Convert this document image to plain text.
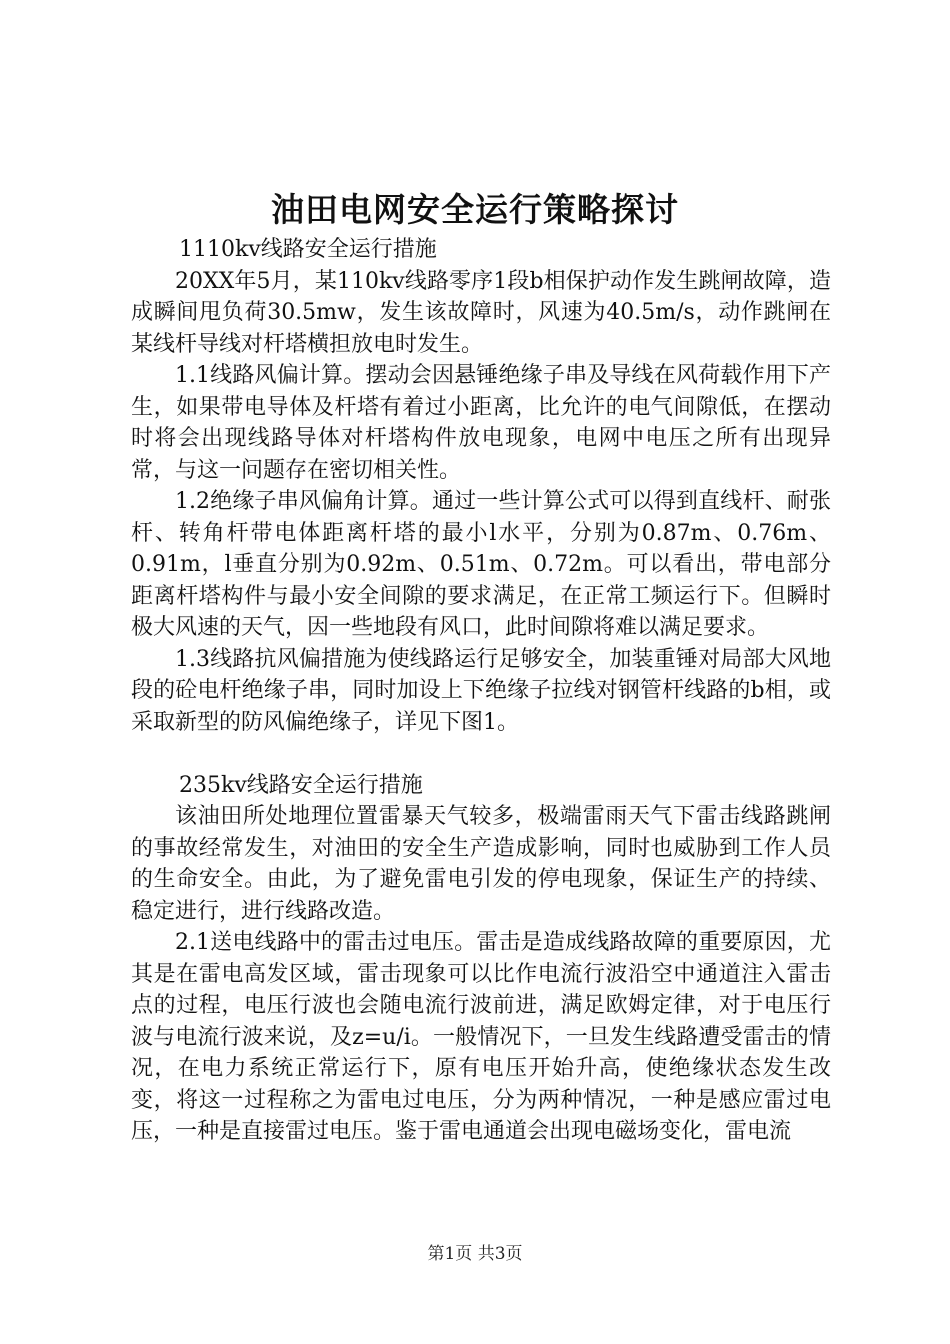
油田电网安全运行策略探讨

1110kv线路安全运行措施

20XX年5月，某110kv线路零序1段b相保护动作发生跳闸故障，造成瞬间甩负荷30.5mw，发生该故障时，风速为40.5m/s，动作跳闸在某线杆导线对杆塔横担放电时发生。

1.1线路风偏计算。摆动会因悬锤绝缘子串及导线在风荷载作用下产生，如果带电导体及杆塔有着过小距离，比允许的电气间隙低，在摆动时将会出现线路导体对杆塔构件放电现象，电网中电压之所有出现异常，与这一问题存在密切相关性。

1.2绝缘子串风偏角计算。通过一些计算公式可以得到直线杆、耐张杆、转角杆带电体距离杆塔的最小l水平，分别为0.87m、0.76m、0.91m，l垂直分别为0.92m、0.51m、0.72m。可以看出，带电部分距离杆塔构件与最小安全间隙的要求满足，在正常工频运行下。但瞬时极大风速的天气，因一些地段有风口，此时间隙将难以满足要求。

1.3线路抗风偏措施为使线路运行足够安全，加装重锤对局部大风地段的砼电杆绝缘子串，同时加设上下绝缘子拉线对钢管杆线路的b相，或采取新型的防风偏绝缘子，详见下图1。

235kv线路安全运行措施

该油田所处地理位置雷暴天气较多，极端雷雨天气下雷击线路跳闸的事故经常发生，对油田的安全生产造成影响，同时也威胁到工作人员的生命安全。由此，为了避免雷电引发的停电现象，保证生产的持续、稳定进行，进行线路改造。

2.1送电线路中的雷击过电压。雷击是造成线路故障的重要原因，尤其是在雷电高发区域，雷击现象可以比作电流行波沿空中通道注入雷击点的过程，电压行波也会随电流行波前进，满足欧姆定律，对于电压行波与电流行波来说，及z=u/i。一般情况下，一旦发生线路遭受雷击的情况，在电力系统正常运行下，原有电压开始升高，使绝缘状态发生改变，将这一过程称之为雷电过电压，分为两种情况，一种是感应雷过电压，一种是直接雷过电压。鉴于雷电通道会出现电磁场变化，雷电流

第1页 共3页
